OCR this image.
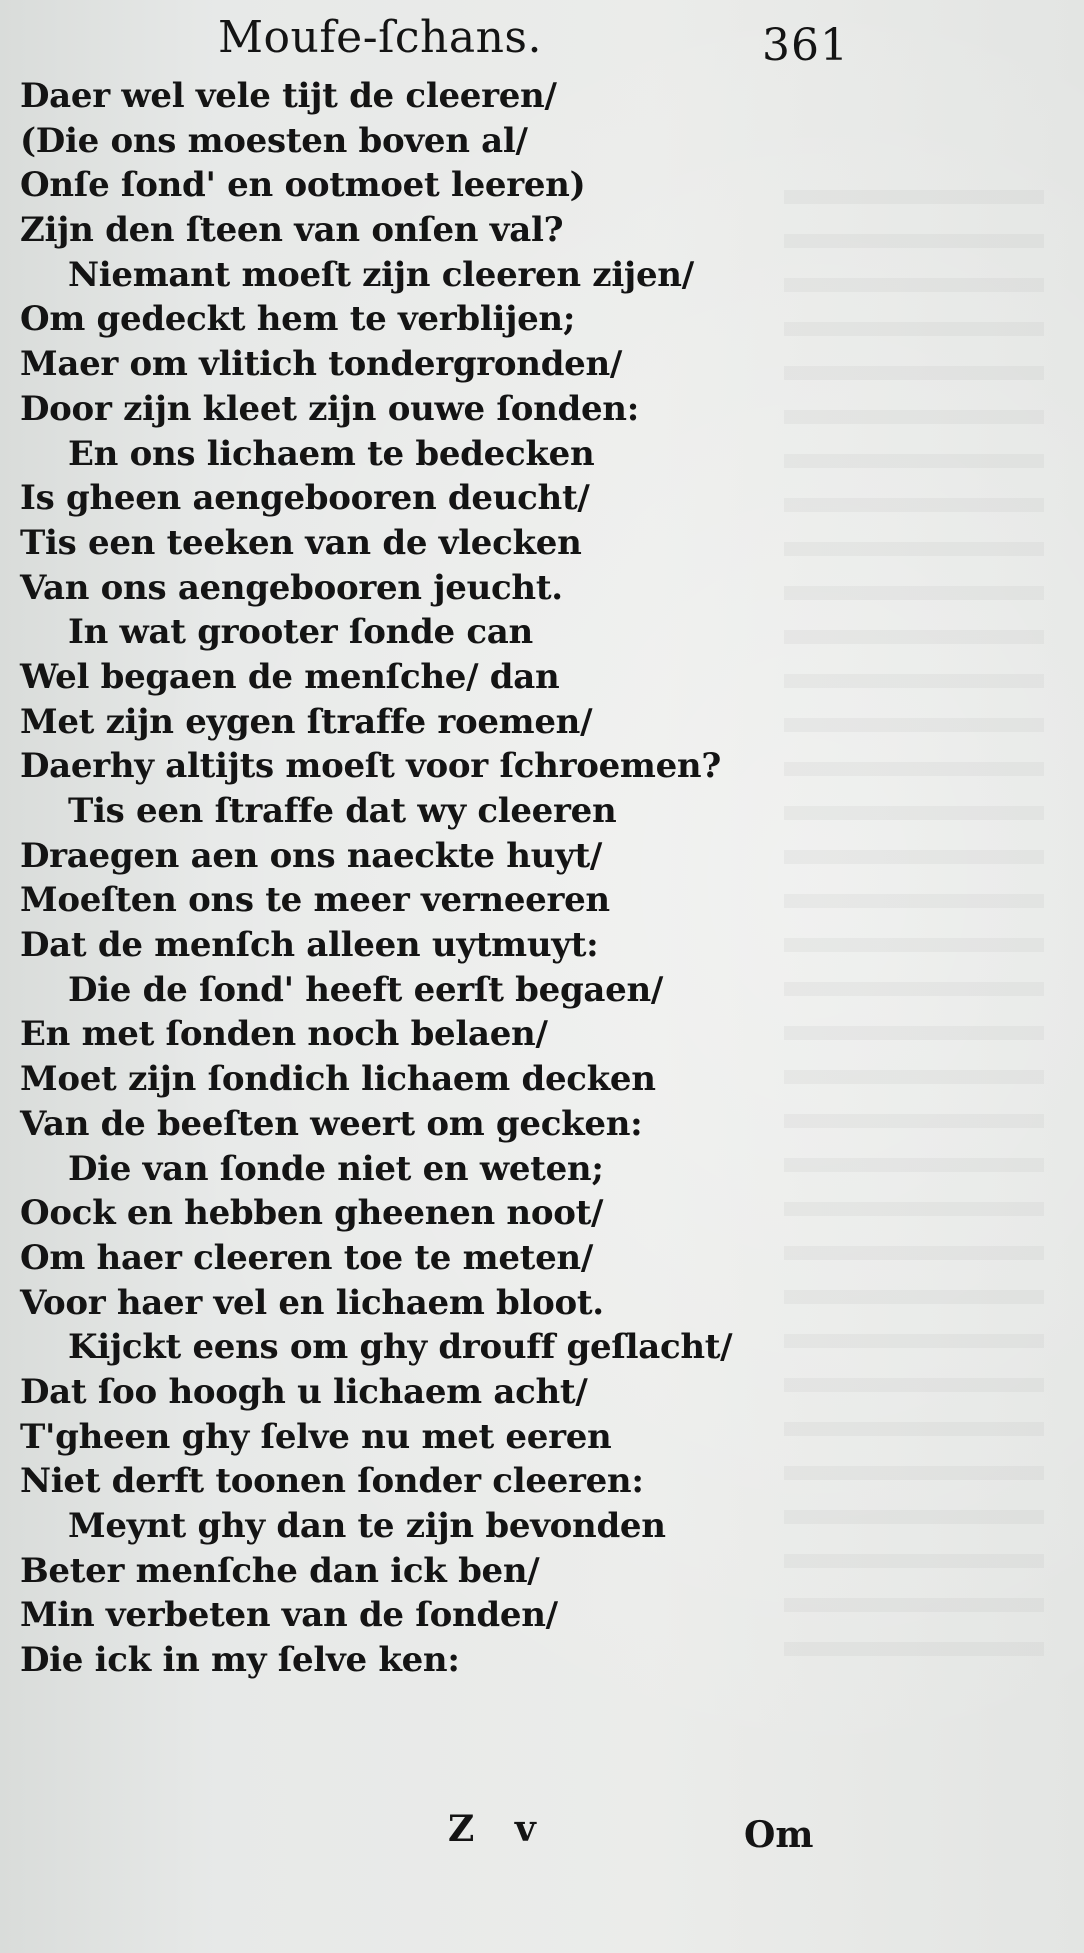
Moufe-ſchans.	361
Daer wel vele tijt de cleeren/
(Die ons moesten boven al/
Onſe ſond' en ootmoet leeren)
Zijn den ſteen van onſen val?
Niemant moeſt zijn cleeren zijen/
Om gedeckt hem te verblijen;
Maer om vlitich tondergronden/
Door zijn kleet zijn ouwe ſonden:
En ons lichaem te bedecken
Is gheen aengebooren deucht/
Tis een teeken van de vlecken
Van ons aengebooren jeucht.
In wat grooter ſonde can
Wel begaen de menſche/ dan
Met zijn eygen ſtraffe roemen/
Daerhy altijts moeſt voor ſchroemen?
Tis een ſtraffe dat wy cleeren
Draegen aen ons naeckte huyt/
Moeſten ons te meer verneeren
Dat de menſch alleen uytmuyt:
Die de ſond' heeft eerſt begaen/
En met ſonden noch belaen/
Moet zijn ſondich lichaem decken
Van de beeſten weert om gecken:
Die van ſonde niet en weten;
Oock en hebben gheenen noot/
Om haer cleeren toe te meten/
Voor haer vel en lichaem bloot.
Kijckt eens om ghy drouff geſlacht/
Dat ſoo hoogh u lichaem acht/
T'gheen ghy ſelve nu met eeren
Niet derft toonen ſonder cleeren:
Meynt ghy dan te zijn bevonden
Beter menſche dan ick ben/
Min verbeten van de ſonden/
Die ick in my ſelve ken:
Z v	Om
